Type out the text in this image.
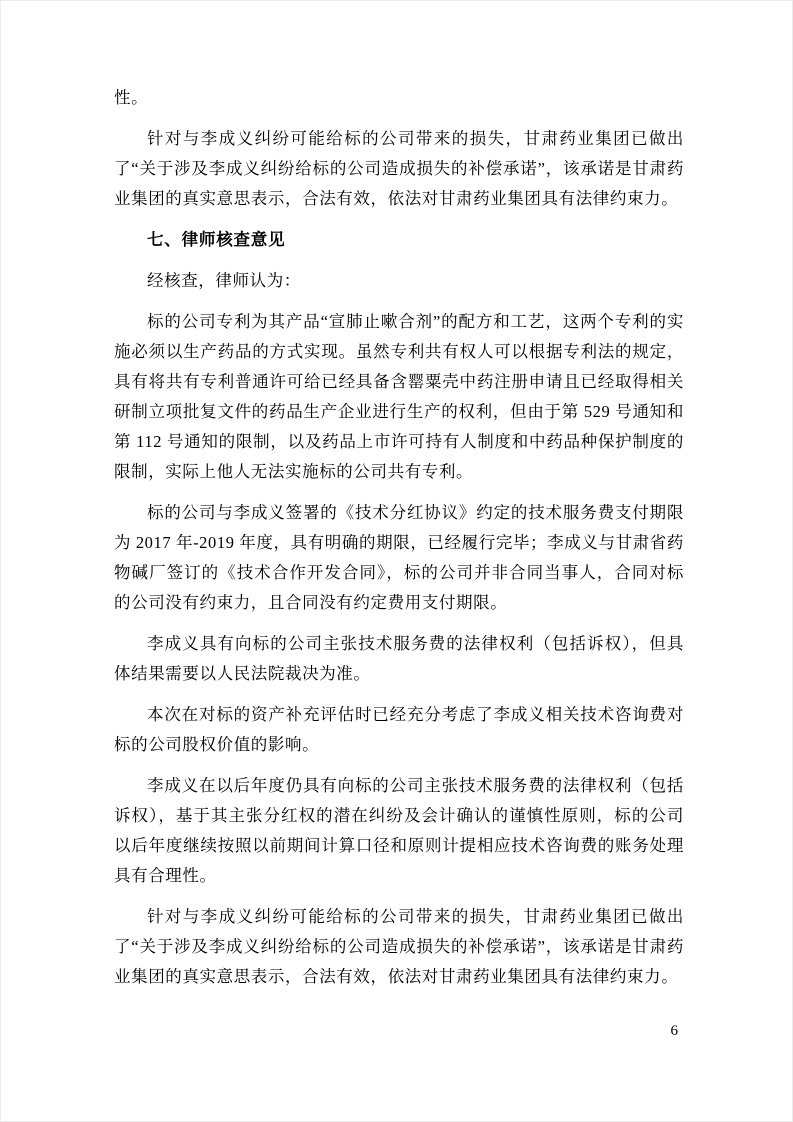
性。

针对与李成义纠纷可能给标的公司带来的损失，甘肃药业集团已做出了“关于涉及李成义纠纷给标的公司造成损失的补偿承诺”，该承诺是甘肃药业集团的真实意思表示，合法有效，依法对甘肃药业集团具有法律约束力。

七、律师核查意见

经核查，律师认为：

标的公司专利为其产品“宣肺止嗽合剂”的配方和工艺，这两个专利的实施必须以生产药品的方式实现。虽然专利共有权人可以根据专利法的规定，具有将共有专利普通许可给已经具备含罂粟壳中药注册申请且已经取得相关研制立项批复文件的药品生产企业进行生产的权利，但由于第 529 号通知和第 112 号通知的限制，以及药品上市许可持有人制度和中药品种保护制度的限制，实际上他人无法实施标的公司共有专利。

标的公司与李成义签署的《技术分红协议》约定的技术服务费支付期限为 2017 年-2019 年度，具有明确的期限，已经履行完毕；李成义与甘肃省药物碱厂签订的《技术合作开发合同》，标的公司并非合同当事人，合同对标的公司没有约束力，且合同没有约定费用支付期限。

李成义具有向标的公司主张技术服务费的法律权利（包括诉权），但具体结果需要以人民法院裁决为准。

本次在对标的资产补充评估时已经充分考虑了李成义相关技术咨询费对标的公司股权价值的影响。

李成义在以后年度仍具有向标的公司主张技术服务费的法律权利（包括诉权），基于其主张分红权的潜在纠纷及会计确认的谨慎性原则，标的公司以后年度继续按照以前期间计算口径和原则计提相应技术咨询费的账务处理具有合理性。

针对与李成义纠纷可能给标的公司带来的损失，甘肃药业集团已做出了“关于涉及李成义纠纷给标的公司造成损失的补偿承诺”，该承诺是甘肃药业集团的真实意思表示，合法有效，依法对甘肃药业集团具有法律约束力。

6
